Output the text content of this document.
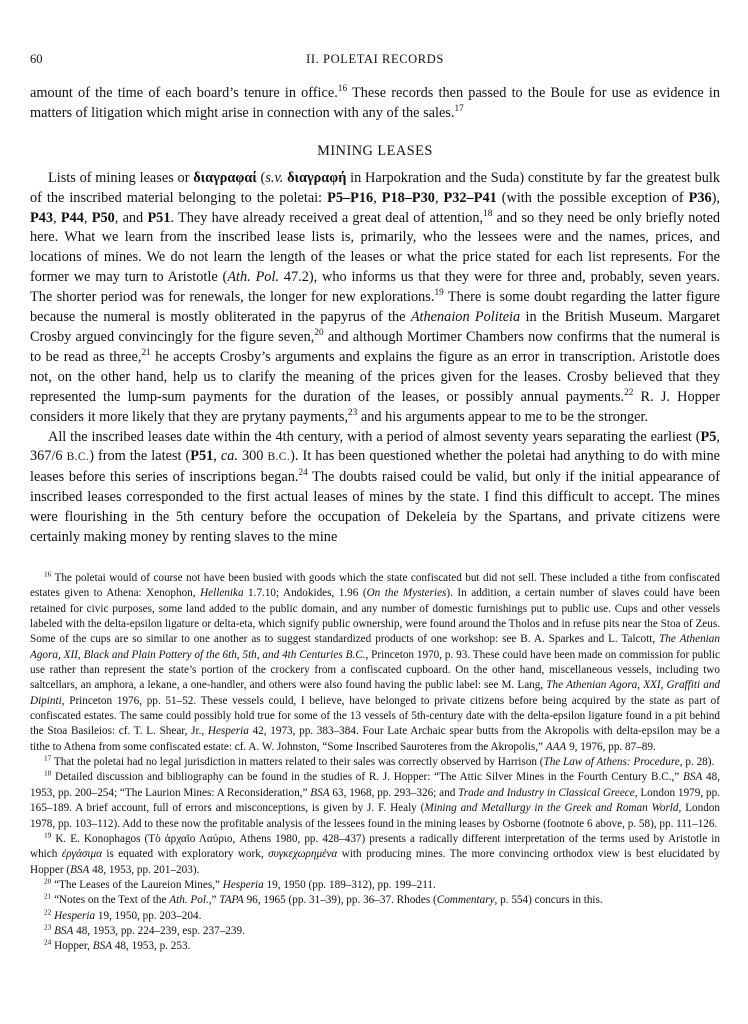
60	II. POLETAI RECORDS

amount of the time of each board’s tenure in office.$^{16}$ These records then passed to the Boule for use as evidence in matters of litigation which might arise in connection with any of the sales.$^{17}$

MINING LEASES

Lists of mining leases or διαγραφαί (s.v. διαγραφή in Harpokration and the Suda) constitute by far the greatest bulk of the inscribed material belonging to the poletai: P5–P16, P18–P30, P32–P41 (with the possible exception of P36), P43, P44, P50, and P51. They have already received a great deal of attention,$^{18}$ and so they need be only briefly noted here. What we learn from the inscribed lease lists is, primarily, who the lessees were and the names, prices, and locations of mines. We do not learn the length of the leases or what the price stated for each list represents. For the former we may turn to Aristotle (Ath. Pol. 47.2), who informs us that they were for three and, probably, seven years. The shorter period was for renewals, the longer for new explorations.$^{19}$ There is some doubt regarding the latter figure because the numeral is mostly obliterated in the papyrus of the Athenaion Politeia in the British Museum. Margaret Crosby argued convincingly for the figure seven,$^{20}$ and although Mortimer Chambers now confirms that the numeral is to be read as three,$^{21}$ he accepts Crosby’s arguments and explains the figure as an error in transcription. Aristotle does not, on the other hand, help us to clarify the meaning of the prices given for the leases. Crosby believed that they represented the lump-sum payments for the duration of the leases, or possibly annual payments.$^{22}$ R. J. Hopper considers it more likely that they are prytany payments,$^{23}$ and his arguments appear to me to be the stronger.

All the inscribed leases date within the 4th century, with a period of almost seventy years separating the earliest (P5, 367/6 B.C.) from the latest (P51, ca. 300 B.C.). It has been questioned whether the poletai had anything to do with mine leases before this series of inscriptions began.$^{24}$ The doubts raised could be valid, but only if the initial appearance of inscribed leases corresponded to the first actual leases of mines by the state. I find this difficult to accept. The mines were flourishing in the 5th century before the occupation of Dekeleia by the Spartans, and private citizens were certainly making money by renting slaves to the mine

$^{16}$ The poletai would of course not have been busied with goods which the state confiscated but did not sell. These included a tithe from confiscated estates given to Athena: Xenophon, Hellenika 1.7.10; Andokides, 1.96 (On the Mysteries). In addition, a certain number of slaves could have been retained for civic purposes, some land added to the public domain, and any number of domestic furnishings put to public use. Cups and other vessels labeled with the delta-epsilon ligature or delta-eta, which signify public ownership, were found around the Tholos and in refuse pits near the Stoa of Zeus. Some of the cups are so similar to one another as to suggest standardized products of one workshop: see B. A. Sparkes and L. Talcott, The Athenian Agora, XII, Black and Plain Pottery of the 6th, 5th, and 4th Centuries B.C., Princeton 1970, p. 93. These could have been made on commission for public use rather than represent the state’s portion of the crockery from a confiscated cupboard. On the other hand, miscellaneous vessels, including two saltcellars, an amphora, a lekane, a one-handler, and others were also found having the public label: see M. Lang, The Athenian Agora, XXI, Graffiti and Dipinti, Princeton 1976, pp. 51–52. These vessels could, I believe, have belonged to private citizens before being acquired by the state as part of confiscated estates. The same could possibly hold true for some of the 13 vessels of 5th-century date with the delta-epsilon ligature found in a pit behind the Stoa Basileios: cf. T. L. Shear, Jr., Hesperia 42, 1973, pp. 383–384. Four Late Archaic spear butts from the Akropolis with delta-epsilon may be a tithe to Athena from some confiscated estate: cf. A. W. Johnston, “Some Inscribed Sauroteres from the Akropolis,” AAA 9, 1976, pp. 87–89.

$^{17}$ That the poletai had no legal jurisdiction in matters related to their sales was correctly observed by Harrison (The Law of Athens: Procedure, p. 28).

$^{18}$ Detailed discussion and bibliography can be found in the studies of R. J. Hopper: “The Attic Silver Mines in the Fourth Century B.C.,” BSA 48, 1953, pp. 200–254; “The Laurion Mines: A Reconsideration,” BSA 63, 1968, pp. 293–326; and Trade and Industry in Classical Greece, London 1979, pp. 165–189. A brief account, full of errors and misconceptions, is given by J. F. Healy (Mining and Metallurgy in the Greek and Roman World, London 1978, pp. 103–112). Add to these now the profitable analysis of the lessees found in the mining leases by Osborne (footnote 6 above, p. 58), pp. 111–126.

$^{19}$ K. E. Konophagos (Τὸ ἀρχαῖο Λαύριο, Athens 1980, pp. 428–437) presents a radically different interpretation of the terms used by Aristotle in which ἐργάσιμα is equated with exploratory work, συγκεχωρημένα with producing mines. The more convincing orthodox view is best elucidated by Hopper (BSA 48, 1953, pp. 201–203).

$^{20}$ “The Leases of the Laureion Mines,” Hesperia 19, 1950 (pp. 189–312), pp. 199–211.

$^{21}$ “Notes on the Text of the Ath. Pol.,” TAPA 96, 1965 (pp. 31–39), pp. 36–37. Rhodes (Commentary, p. 554) concurs in this.

$^{22}$ Hesperia 19, 1950, pp. 203–204.

$^{23}$ BSA 48, 1953, pp. 224–239, esp. 237–239.

$^{24}$ Hopper, BSA 48, 1953, p. 253.
